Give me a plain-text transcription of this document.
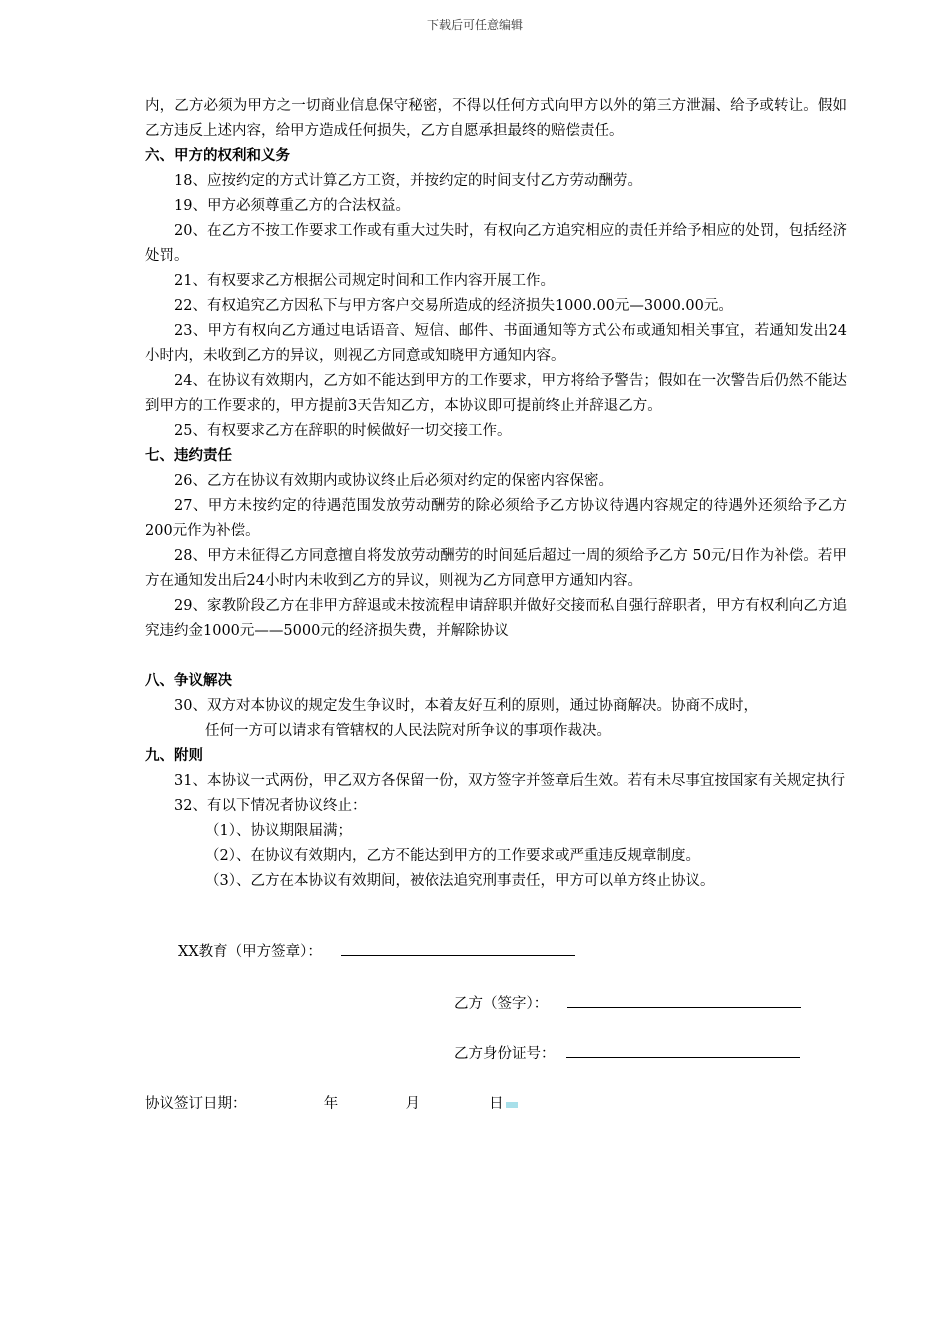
下载后可任意编辑
内，乙方必须为甲方之一切商业信息保守秘密，不得以任何方式向甲方以外的第三方泄漏、给予或转让。假如乙方违反上述内容，给甲方造成任何损失，乙方自愿承担最终的赔偿责任。
六、甲方的权利和义务
18、应按约定的方式计算乙方工资，并按约定的时间支付乙方劳动酬劳。
19、甲方必须尊重乙方的合法权益。
20、在乙方不按工作要求工作或有重大过失时，有权向乙方追究相应的责任并给予相应的处罚，包括经济处罚。
21、有权要求乙方根据公司规定时间和工作内容开展工作。
22、有权追究乙方因私下与甲方客户交易所造成的经济损失1000.00元—3000.00元。
23、甲方有权向乙方通过电话语音、短信、邮件、书面通知等方式公布或通知相关事宜，若通知发出24小时内，未收到乙方的异议，则视乙方同意或知晓甲方通知内容。
24、在协议有效期内，乙方如不能达到甲方的工作要求，甲方将给予警告；假如在一次警告后仍然不能达到甲方的工作要求的，甲方提前3天告知乙方，本协议即可提前终止并辞退乙方。
25、有权要求乙方在辞职的时候做好一切交接工作。
七、违约责任
26、乙方在协议有效期内或协议终止后必须对约定的保密内容保密。
27、甲方未按约定的待遇范围发放劳动酬劳的除必须给予乙方协议待遇内容规定的待遇外还须给予乙方200元作为补偿。
28、甲方未征得乙方同意擅自将发放劳动酬劳的时间延后超过一周的须给予乙方 50元/日作为补偿。若甲方在通知发出后24小时内未收到乙方的异议，则视为乙方同意甲方通知内容。
29、家教阶段乙方在非甲方辞退或未按流程申请辞职并做好交接而私自强行辞职者，甲方有权利向乙方追究违约金1000元——5000元的经济损失费，并解除协议
八、争议解决
30、双方对本协议的规定发生争议时，本着友好互利的原则，通过协商解决。协商不成时，
任何一方可以请求有管辖权的人民法院对所争议的事项作裁决。
九、附则
31、本协议一式两份，甲乙双方各保留一份，双方签字并签章后生效。若有未尽事宜按国家有关规定执行
32、有以下情况者协议终止：
（1）、协议期限届满；
（2）、在协议有效期内，乙方不能达到甲方的工作要求或严重违反规章制度。
（3）、乙方在本协议有效期间，被依法追究刑事责任，甲方可以单方终止协议。
XX教育（甲方签章）：
乙方（签字）：
乙方身份证号：
协议签订日期：	年	月	日
